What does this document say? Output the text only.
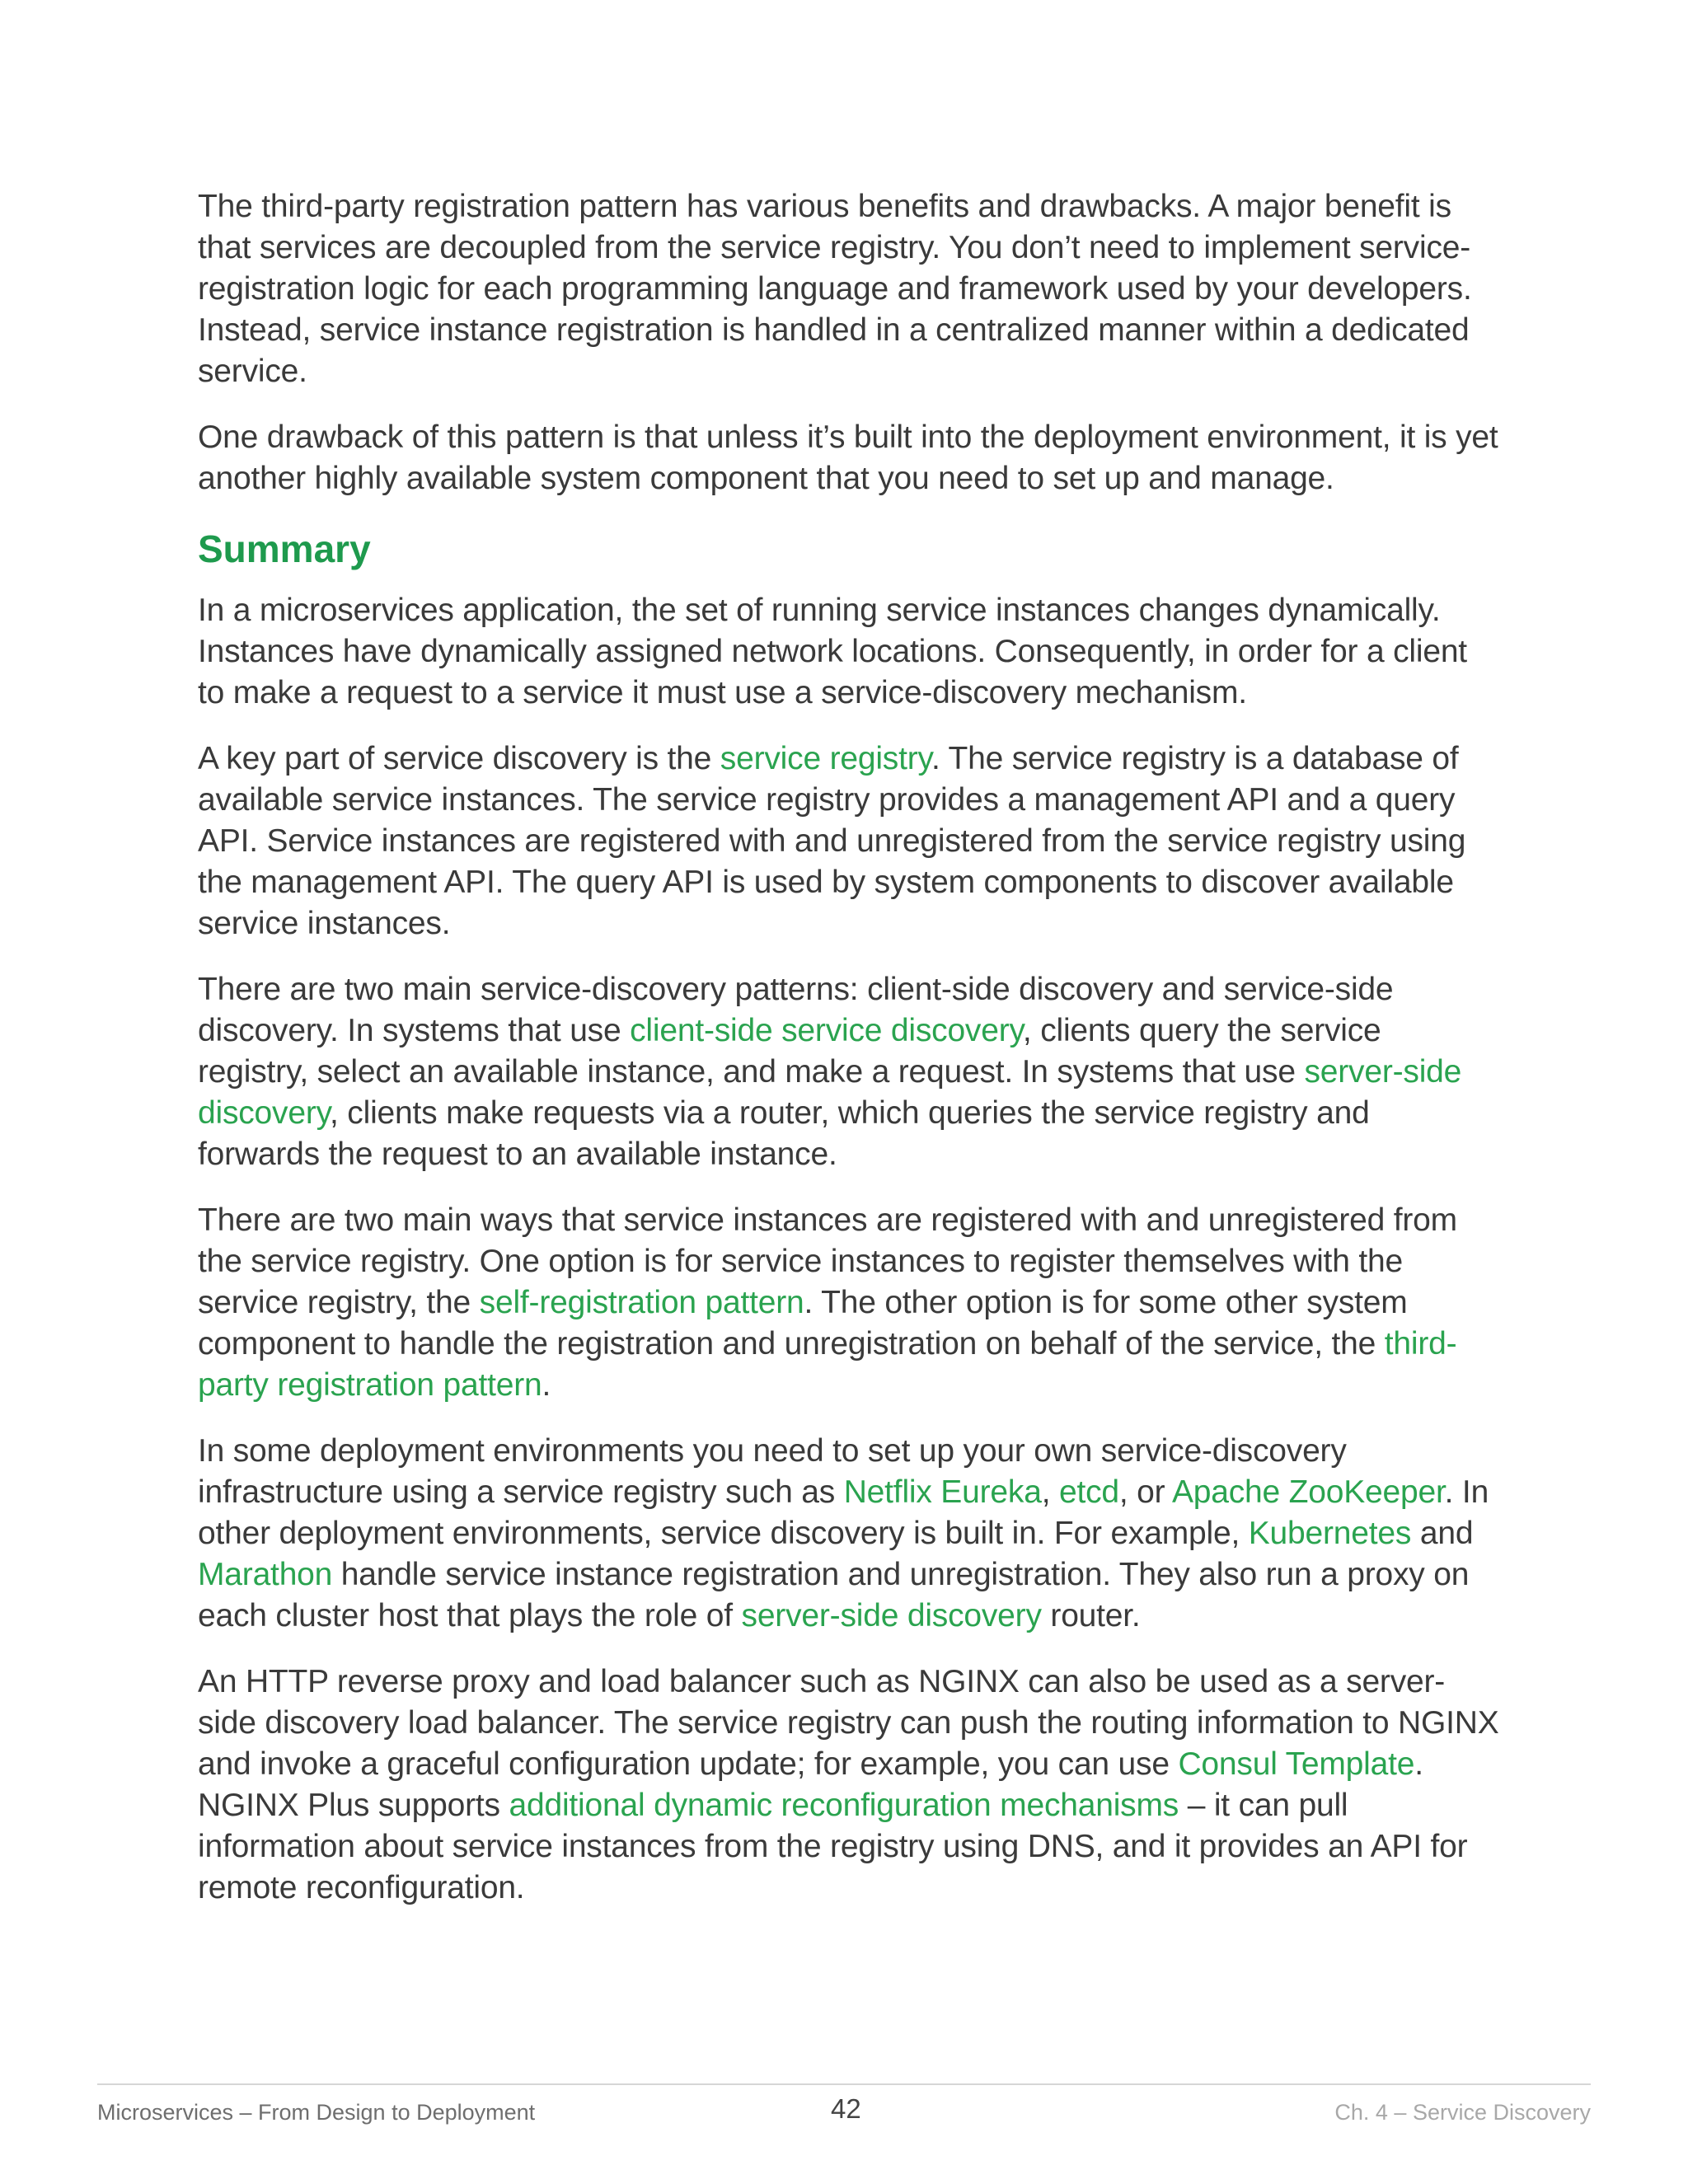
The third-party registration pattern has various benefits and drawbacks. A major benefit is that services are decoupled from the service registry. You don’t need to implement service-registration logic for each programming language and framework used by your developers. Instead, service instance registration is handled in a centralized manner within a dedicated service.

One drawback of this pattern is that unless it’s built into the deployment environment, it is yet another highly available system component that you need to set up and manage.

Summary

In a microservices application, the set of running service instances changes dynamically. Instances have dynamically assigned network locations. Consequently, in order for a client to make a request to a service it must use a service-discovery mechanism.

A key part of service discovery is the service registry. The service registry is a database of available service instances. The service registry provides a management API and a query API. Service instances are registered with and unregistered from the service registry using the management API. The query API is used by system components to discover available service instances.

There are two main service-discovery patterns: client-side discovery and service-side discovery. In systems that use client-side service discovery, clients query the service registry, select an available instance, and make a request. In systems that use server-side discovery, clients make requests via a router, which queries the service registry and forwards the request to an available instance.

There are two main ways that service instances are registered with and unregistered from the service registry. One option is for service instances to register themselves with the service registry, the self-registration pattern. The other option is for some other system component to handle the registration and unregistration on behalf of the service, the third-party registration pattern.

In some deployment environments you need to set up your own service-discovery infrastructure using a service registry such as Netflix Eureka, etcd, or Apache ZooKeeper. In other deployment environments, service discovery is built in. For example, Kubernetes and Marathon handle service instance registration and unregistration. They also run a proxy on each cluster host that plays the role of server-side discovery router.

An HTTP reverse proxy and load balancer such as NGINX can also be used as a server-side discovery load balancer. The service registry can push the routing information to NGINX and invoke a graceful configuration update; for example, you can use Consul Template. NGINX Plus supports additional dynamic reconfiguration mechanisms – it can pull information about service instances from the registry using DNS, and it provides an API for remote reconfiguration.

Microservices – From Design to Deployment	42	Ch. 4 – Service Discovery
